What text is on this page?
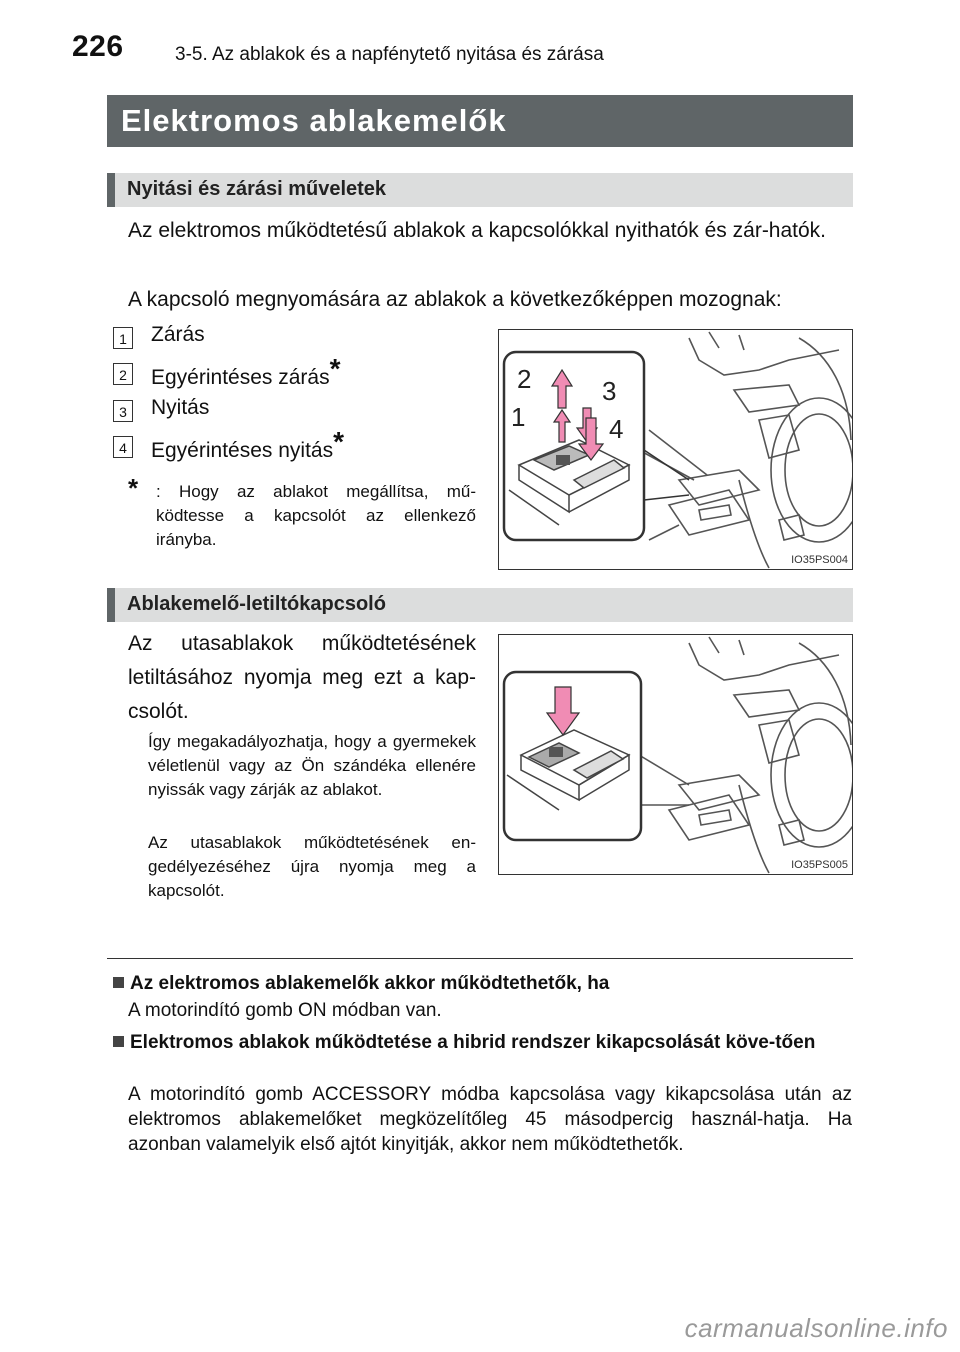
226	3-5. Az ablakok és a napfénytető nyitása és zárása
Elektromos ablakemelők
Nyitási és zárási műveletek
Az elektromos működtetésű ablakok a kapcsolókkal nyithatók és zár-hatók.
A kapcsoló megnyomására az ablakok a következőképpen mozognak:
1 Zárás
2 Egyérintéses zárás*
3 Nyitás
4 Egyérintéses nyitás*
*	: Hogy az ablakot megállítsa, mű-ködtesse a kapcsolót az ellenkező irányba.
2	3
1	4
IO35PS004
Ablakemelő-letiltókapcsoló
Az utasablakok működtetésének letiltásához nyomja meg ezt a kap-csolót.
Így megakadályozhatja, hogy a gyermekek véletlenül vagy az Ön szándéka ellenére nyissák vagy zárják az ablakot.
Az utasablakok működtetésének en-gedélyezéséhez újra nyomja meg a kapcsolót.
IO35PS005
Az elektromos ablakemelők akkor működtethetők, ha
A motorindító gomb ON módban van.
Elektromos ablakok működtetése a hibrid rendszer kikapcsolását köve-tően
A motorindító gomb ACCESSORY módba kapcsolása vagy kikapcsolása után az elektromos ablakemelőket megközelítőleg 45 másodpercig használ-hatja. Ha azonban valamelyik első ajtót kinyitják, akkor nem működtethetők.
carmanualsonline.info
